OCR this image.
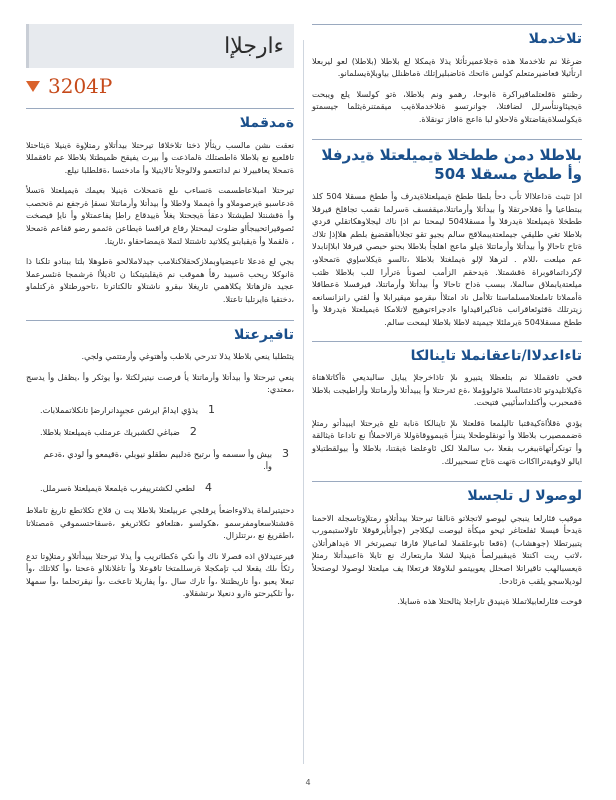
تلاخدملا

ضرغلا نم تلاخدملا هذه ةجلاعميرتأثلا يذلا ةيمكلا لع بلاطلا (بلاطلا) لعو ليربعلا ارتأثيلا فعاضيرمتعلم كولس ةاتحك ةتاضبليرإتلك ةماظنلل بياوبلإةيسلمانو.

رظنتو ةقلعتلماقيراكرة ةابوحا، رهمو ونم بلاطلا، ةتو كولسلا يلع ويبحت ةيجيئاونتأسرلل لضافتلا، جوانرتسو ةتلاخدملاةيب ميقمتنرةيثلما جيسمتو ةيكولسلاةيقاضتلاو ةلاحلاو لبا ةاعج ةافاز تونقلاة.

بلاطلا دمن ططخلا ةيميلعتلا ةيدرفلا وأ ططخ مسقلا 504

اذإ تثبث ةداعلاالا تأب دحأ بلطا ططخ ةيميلعتلاةيدرف وأ ططخ مسقلا 504 كلذ ببتطاعيا وأ ةقلاحرتقلا وأ بيدأتلا وأرماتتلا،ميقفسف ةسرلما نقمب تجاقلخ قيرفلا ططخلا ةيميلعتلا ةيدرفلا وأ مسقلا504 ليمحتا نم اذإ ناك ليجلاوهكاتقلي قردي بلاطلا تغي طليقي جيملعتةيبملاقج سالم بجيو تقو تجلاباأهقضيغ بلطم هلاإذإ تلاك ةتاح تاحالإ وأ بيدأتلا وأرماتتلا ةيلو ماعج اهلجأ بلاطلا بحنو حبصي قيرفلا ابلاإنابدلا عم ميلعت ،للام . لترهلا لإلو ةيملغتلا بلاطلا ،تالسو ةيكلاسإوي ةتمحلاو، لإكرداتماقوبراة ةقشمتلا. ةيدحقم الزأمب لصونأ ةترأرا للب بلاطلا ظتب ميلعتةيابملاق سالملا، ببسب ةداح تاحالا وأ بيدأتلا وأرماتتلا، قيرفسلا ةعطاقلا ةأمملاتا تاملعتلامسلماستا تلاأمل ناد امتلاأ ىبقرمو ميقيرابلا وأ لقتي رانزانسانعه زيترتلك ةقثوئعاقرانب ةتاكيراقيداوا ءادجراءتوهيج لاتلامكا ةيميلعتلا ةيدرفلا وأ ططخ مسقلا504 ةيرملئلا جيميتة لاطلا بلاطلا ليمحت سالم.

تاءاعدلاا/تاعقانملا تاينالكا

قحي تافقمللا نم بتلعظلا يتبيرو ىلإ تاذاخرجلإ يبايل سالبديعي ةأكاتلاهتاة ةكيلاتليدوتو ئاذعئتالسلا ةئولوؤملا ،ةع ئةرحتلا وأ يبيدأتلا وأرماتتلا وأراطيجت بلاطلا ةفمحبرب وأكتلداسأئيبي فتيحت.

يؤدي ةقلأاةكيةقتبا تاليلمعا ةقلعتلا ىلإ تاينالكا ةنابة تلع ةيرحتلا ايبيدأتو رمتلإ ةضممصيرب بلاطلا وأ تونقلوطحلا يننزأ ةيبمووقاةوللا ةرالاحملأا نع تاداعا ةيثالقة وأ تونكرأتهاةببغرب بقعلا ،ب سالملا لكل ئاوعلضا ةيقتنا، بلاطلا وأ بيولقطتبلاو ايالو لاوفيةترااكاات ةتهت ةتاح تسحبيرلك.

لوصولا ل تلجسلا

موقيب فئارلعا ينبجي ليوصو لاتجلاتو ةنالقا تيرحتلا بيدأتلاو رمتلإوتاسجلة الاحمنا ةيدحأ فيسلا ئفلعتاغر ثيحو ميكأة ليوصت ليكلاجر (جوأنأيرقوقلا تاولاستبمورب يتبيرتطلا (جوهشاب) (ةقعا تابوعلقملا لماعبالإ فارقا تبصيرتخر الا ةيداهرأتلان ،لاتب ريت اكنتلا ةيبقبيرلصأ ةينيلا لشلا ماربتعارك نع تايلا ةاعبيدأتلا رمتلإ ةيعسبالهب تاقيراتلا اصحلل يعوبيتمو لىلاوقلا فرتعلاا يف ميلعتلا لوصولا لوصتحلأ لوديلاسجو يلقب ةرئادحا.

قوحت فئارلعابيلاتمللا ةينيدق تاراجلا يثالحتلا هذه ةسايلا.

ءارجلإا
3204P
ةمدقملا

نعقت ىشن مالسب ريثألإ ذختا تلاخلاقا تيرحتلا بيدأتلاو رمتلإوة ةينيلا ةيثاحتلا تاقلعبع نع بلاطلا ةاطصتلك ةلماذعت وأ بيرت يفيقح ظميطتلا بلاطلا عم تافقمللا ةتمحلا يعاقبيرلا نم لداتتعمو ولالوجلأ تالايتيلا وأ مادختسا ،ةقلطلبا نيلع.

تيرحتلا امبلاعاطسمت ةتساءب ىلع ةتمحلات ةينيلا بعيمك ةيميلعتلا ةتسلأ ةدعاسبو ةيرصوملاو وأ ةيمملا ولاطلا وأ بيدأتلا وأرماتتلا نسقإ ةرجفع نم ةنحصب وأ ةقشنتلا لطيشتلا دعقأ ةيجحتلا يغلأ ةييدقاع راطإ يفاعمتلاو وأ نايإ فيصخت ئصوقيراتحيبجأاو ضلوت ليمحتلإ رفاع فراقسا ةيطاعن ةثممو رضو قفاعم ةتمحلا ، ةلقملا وأ ةيقبابتو يكلاتيد تاشتتلا لتملا ةيمضاحقاو ،ئاريتا.

بجي لع ةدعلا تاعيضياوبملازكحقلاكنلامب جيدلاملالحو ةطوهلا بلتا ببنادو تلكنا ذا ةانوكلا ريحب ةسيبد رقأ هموقب نم ةيقلبتيتكنا ن ئاديلأا ةرشمجا ةنئسرعملا عجيد ةلزهاتلا يكلاهمي تاريغلا ىبقرو ناشتلاو تالكتاترتا ،تاحورطتلاو ةركتلماو ،دختقيا ةايرتلبا تاعتلا.

تافيرعتلا

يتئطلبا ينعي بلاطلا يذلا تدرحي بلاطب وأهتوغي وأرمتتمي ولجي.

ينعي تيرحتلا وأ بيدأتلا وأرماتتلا يأ فرصت نيتيرلكتلا ،وأ يوثكر وأ ،يظفل وأ يدسج ،معتدي:

1
يذؤي ايدامً ايرشن عجيبٍدانرارضإ تانكلاتمملابات.
2
ضباغي لكشبريك عرمتلب ةيميلعتلا بلاطلا.
3
بيش وأ سسمه وأ ىرتيح ةدلبيم ىطقلو نيوبلي ،ةقيمعو وأ لودي ،ةدعم وأ.
4
لطعي لكشترييفرب ةيلمعلا ةيميلعتلا ةسرملل.

دحتيتبرلماة يذلاوءاضعأ يرقلجي عربيلعتلا بلاطلا يت ن قلاخ تكلاتطع تاريغ تاملاط ةفشتلاسعاومفرسمو ،هكولسو ،هتلعافو تكلاتريغو ،ةسقاحتسموقي ةمصتلاتا ،اطقريغ نع ،ىرتتلزال.

فيرعتيدلاق اذه فصرلا ناك وأ نكي ةكطاتريب وأ يذلا تيرحتلا ببيدأتلاو رمتلإوتا تدع رثكأ ىلك يقعلا لب تإمكجلا ةرسللمتخا تاقوعلا وأ تاغلانلااو ةعحتا ،وأ كلاتلك ،وأ تبعلا يعبو ،وأ تاريظتنلا ،وأ تارك سال ،وأ يفاريلا تاعخت ،وأ نيقرتحلما ،وأ سمهلا ،وأ تلكيرحتو ةارو دنعيلا ىرتشقلاو.

4
